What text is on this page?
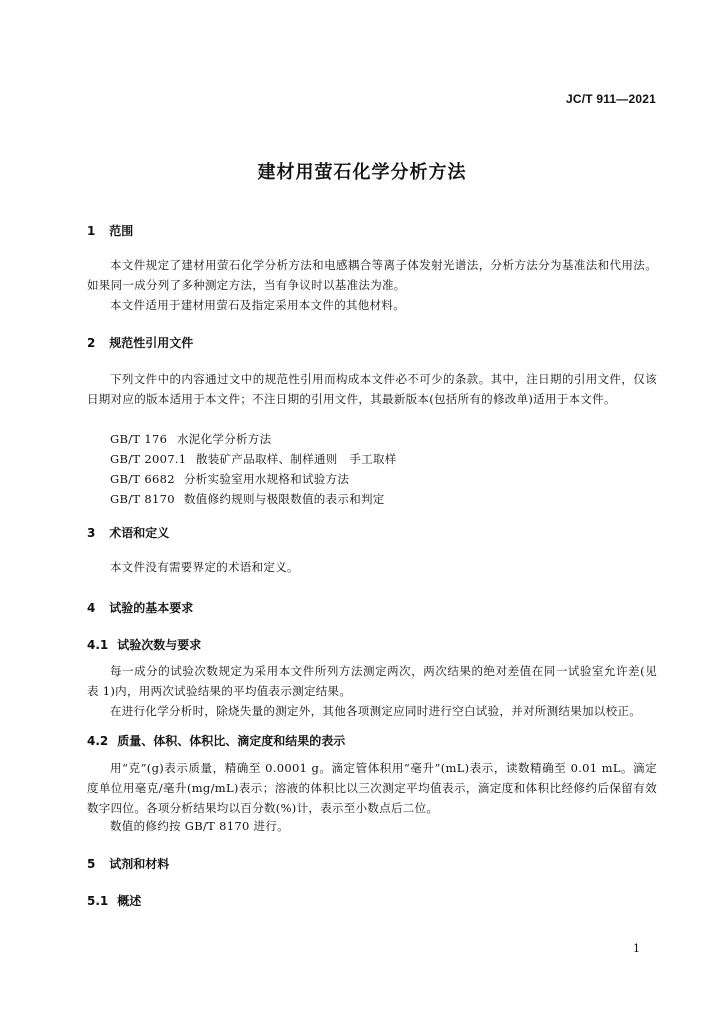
JC/T 911—2021
建材用萤石化学分析方法
1 范围
本文件规定了建材用萤石化学分析方法和电感耦合等离子体发射光谱法，分析方法分为基准法和代用法。如果同一成分列了多种测定方法，当有争议时以基准法为准。
本文件适用于建材用萤石及指定采用本文件的其他材料。
2 规范性引用文件
下列文件中的内容通过文中的规范性引用而构成本文件必不可少的条款。其中，注日期的引用文件，仅该日期对应的版本适用于本文件；不注日期的引用文件，其最新版本(包括所有的修改单)适用于本文件。
GB/T 176 水泥化学分析方法
GB/T 2007.1 散装矿产品取样、制样通则　手工取样
GB/T 6682 分析实验室用水规格和试验方法
GB/T 8170 数值修约规则与极限数值的表示和判定
3 术语和定义
本文件没有需要界定的术语和定义。
4 试验的基本要求
4.1 试验次数与要求
每一成分的试验次数规定为采用本文件所列方法测定两次，两次结果的绝对差值在同一试验室允许差(见表 1)内，用两次试验结果的平均值表示测定结果。
在进行化学分析时，除烧失量的测定外，其他各项测定应同时进行空白试验，并对所测结果加以校正。
4.2 质量、体积、体积比、滴定度和结果的表示
用“克”(g)表示质量，精确至 0.0001 g。滴定管体积用“毫升”(mL)表示，读数精确至 0.01 mL。滴定度单位用毫克/毫升(mg/mL)表示；溶液的体积比以三次测定平均值表示，滴定度和体积比经修约后保留有效数字四位。各项分析结果均以百分数(%)计，表示至小数点后二位。
数值的修约按 GB/T 8170 进行。
5 试剂和材料
5.1 概述
1
